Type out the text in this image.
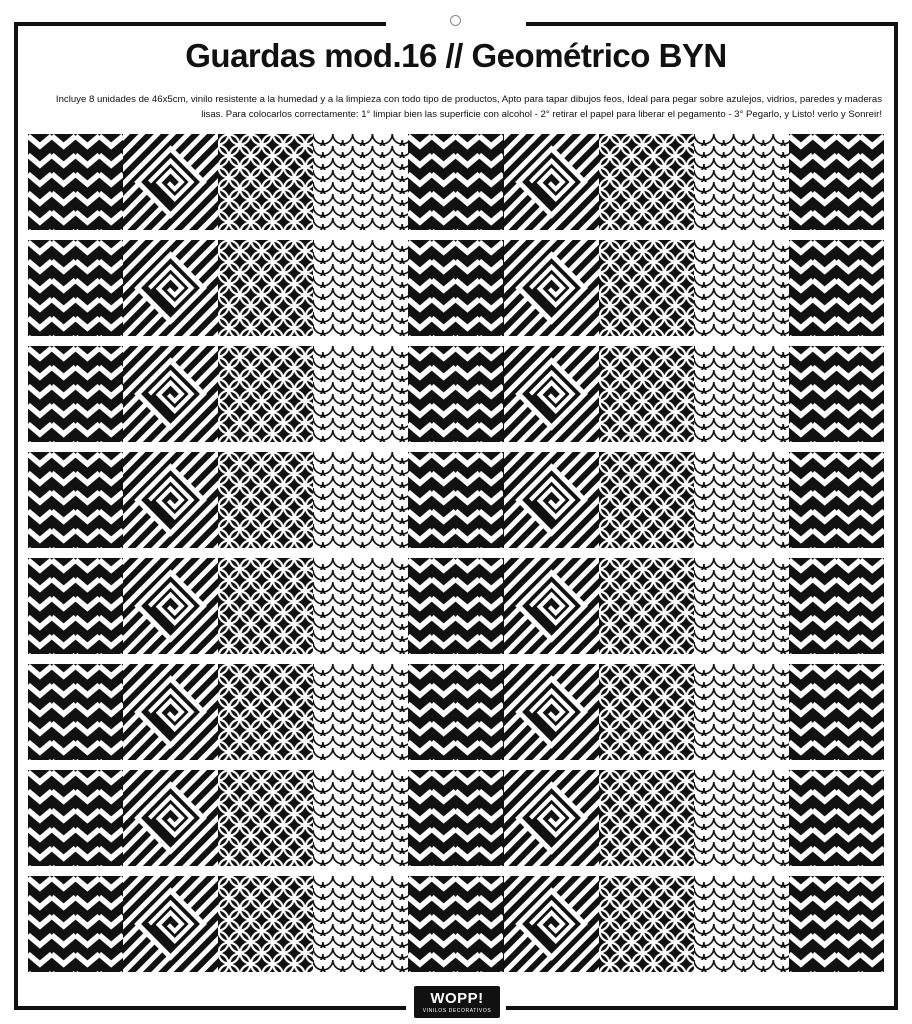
Guardas mod.16 // Geométrico BYN

Incluye 8 unidades de 46x5cm, vinilo resistente a la humedad y a la limpieza con todo tipo de productos, Apto para tapar dibujos feos, Ideal para pegar sobre azulejos, vidrios, paredes y maderas lisas. Para colocarlos correctamente: 1° limpiar bien las superficie con alcohol - 2° retirar el papel para liberar el pegamento - 3° Pegarlo, y Listo! verlo y Sonreir!

WOPP!
VINILOS DECORATIVOS
